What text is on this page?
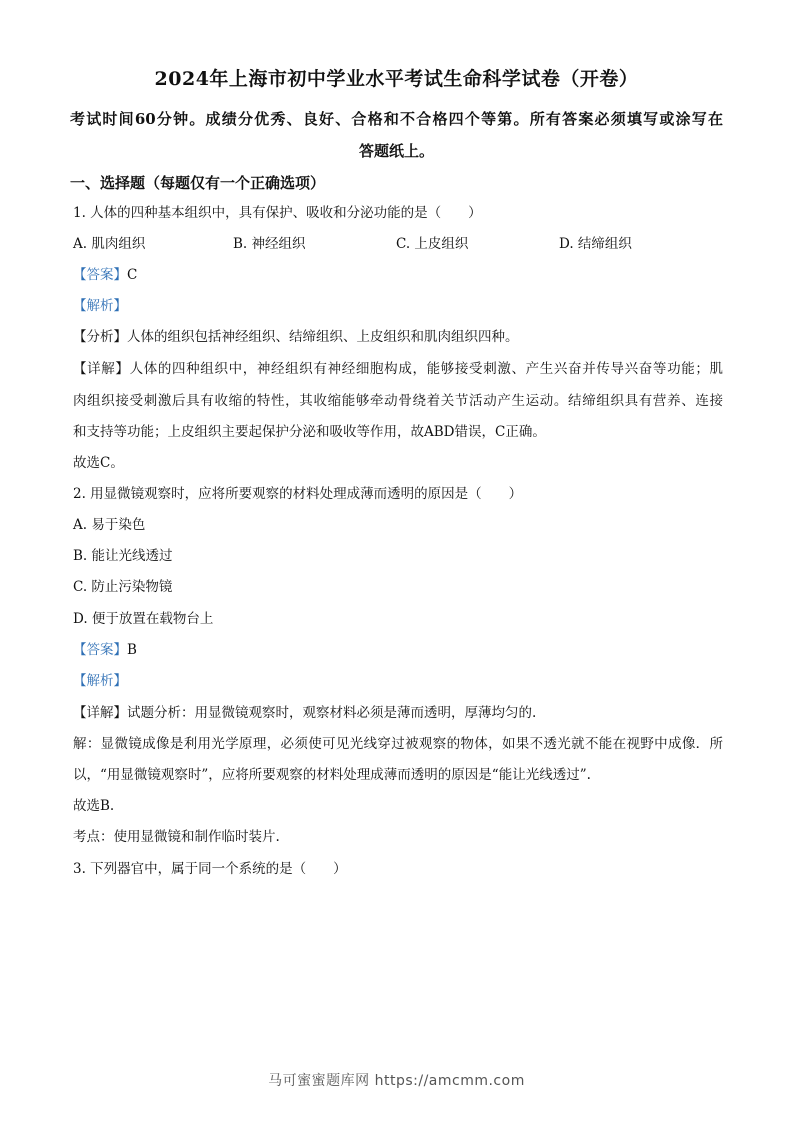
2024年上海市初中学业水平考试生命科学试卷（开卷）
考试时间60分钟。成绩分优秀、良好、合格和不合格四个等第。所有答案必须填写或涂写在
答题纸上。
一、选择题（每题仅有一个正确选项）
1. 人体的四种基本组织中，具有保护、吸收和分泌功能的是（　　）
A. 肌肉组织	B. 神经组织	C. 上皮组织	D. 结缔组织
【答案】C
【解析】
【分析】人体的组织包括神经组织、结缔组织、上皮组织和肌肉组织四种。
【详解】人体的四种组织中，神经组织有神经细胞构成，能够接受刺激、产生兴奋并传导兴奋等功能；肌
肉组织接受刺激后具有收缩的特性，其收缩能够牵动骨绕着关节活动产生运动。结缔组织具有营养、连接
和支持等功能；上皮组织主要起保护分泌和吸收等作用，故ABD错误，C正确。
故选C。
2. 用显微镜观察时，应将所要观察的材料处理成薄而透明的原因是（　　）
A. 易于染色
B. 能让光线透过
C. 防止污染物镜
D. 便于放置在载物台上
【答案】B
【解析】
【详解】试题分析：用显微镜观察时，观察材料必须是薄而透明，厚薄均匀的.
解：显微镜成像是利用光学原理，必须使可见光线穿过被观察的物体，如果不透光就不能在视野中成像．所
以，“用显微镜观察时”，应将所要观察的材料处理成薄而透明的原因是“能让光线透过”.
故选B.
考点：使用显微镜和制作临时装片.
3. 下列器官中，属于同一个系统的是（　　）
马可蜜蜜题库网 https://amcmm.com
